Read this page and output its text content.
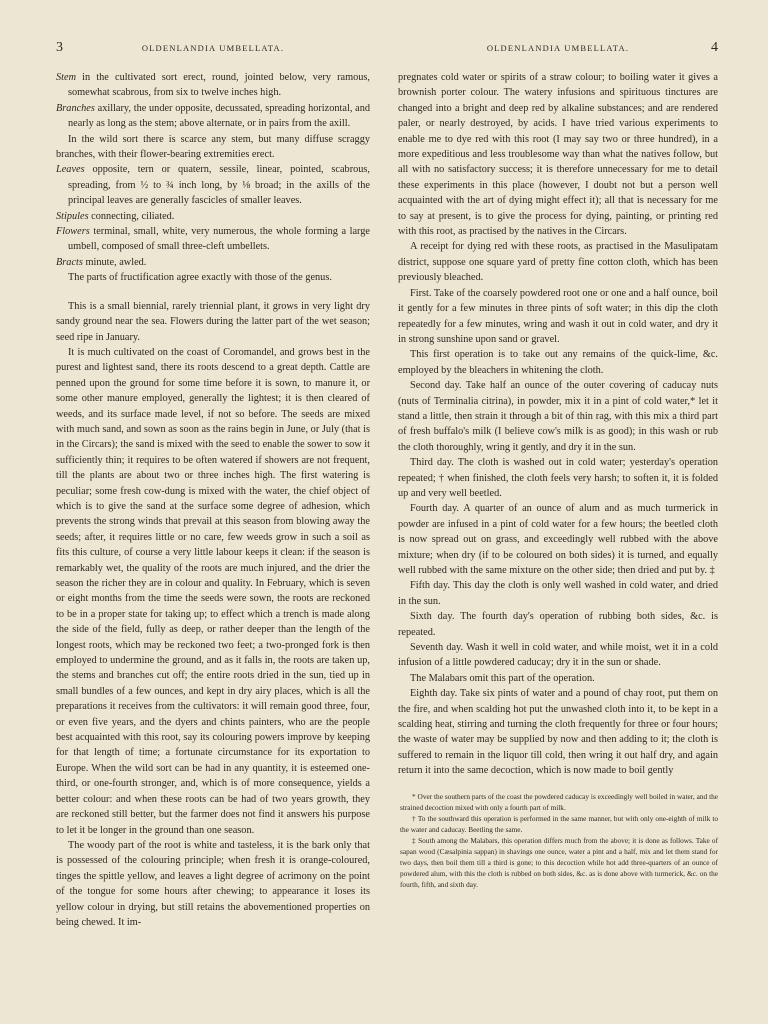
3	OLDENLANDIA UMBELLATA.

Stem in the cultivated sort erect, round, jointed below, very ramous, somewhat scabrous, from six to twelve inches high.

Branches axillary, the under opposite, decussated, spreading horizontal, and nearly as long as the stem; above alternate, or in pairs from the axill.

In the wild sort there is scarce any stem, but many diffuse scraggy branches, with their flower-bearing extremities erect.

Leaves opposite, tern or quatern, sessile, linear, pointed, scabrous, spreading, from ½ to ¾ inch long, by ⅛ broad; in the axills of the principal leaves are generally fascicles of smaller leaves.

Stipules connecting, ciliated.

Flowers terminal, small, white, very numerous, the whole forming a large umbell, composed of small three-cleft umbellets.

Bracts minute, awled.

The parts of fructification agree exactly with those of the genus.

This is a small biennial, rarely triennial plant, it grows in very light dry sandy ground near the sea. Flowers during the latter part of the wet season; seed ripe in January.

It is much cultivated on the coast of Coromandel, and grows best in the purest and lightest sand, there its roots descend to a great depth. Cattle are penned upon the ground for some time before it is sown, to manure it, or some other manure employed, generally the lightest; it is then cleared of weeds, and its surface made level, if not so before. The seeds are mixed with much sand, and sown as soon as the rains begin in June, or July (that is in the Circars); the sand is mixed with the seed to enable the sower to sow it sufficiently thin; it requires to be often watered if showers are not frequent, till the plants are about two or three inches high. The first watering is peculiar; some fresh cow-dung is mixed with the water, the chief object of which is to give the sand at the surface some degree of adhesion, which prevents the strong winds that prevail at this season from blowing away the seeds; after, it requires little or no care, few weeds grow in such a soil as fits this culture, of course a very little labour keeps it clean: if the season is remarkably wet, the quality of the roots are much injured, and the drier the season the richer they are in colour and quality. In February, which is seven or eight months from the time the seeds were sown, the roots are reckoned to be in a proper state for taking up; to effect which a trench is made along the side of the field, fully as deep, or rather deeper than the length of the longest roots, which may be reckoned two feet; a two-pronged fork is then employed to undermine the ground, and as it falls in, the roots are taken up, the stems and branches cut off; the entire roots dried in the sun, tied up in small bundles of a few ounces, and kept in dry airy places, which is all the preparations it receives from the cultivators: it will remain good three, four, or even five years, and the dyers and chints painters, who are the people best acquainted with this root, say its colouring powers improve by keeping for that length of time; a fortunate circumstance for its exportation to Europe. When the wild sort can be had in any quantity, it is esteemed one-third, or one-fourth stronger, and, which is of more consequence, yields a better colour: and when these roots can be had of two years growth, they are reckoned still better, but the farmer does not find it answers his purpose to let it be longer in the ground than one season.

The woody part of the root is white and tasteless, it is the bark only that is possessed of the colouring principle; when fresh it is orange-coloured, tinges the spittle yellow, and leaves a light degree of acrimony on the point of the tongue for some hours after chewing; to appearance it loses its yellow colour in drying, but still retains the abovementioned properties on being chewed. It im-

OLDENLANDIA UMBELLATA.	4

pregnates cold water or spirits of a straw colour; to boiling water it gives a brownish porter colour. The watery infusions and spirituous tinctures are changed into a bright and deep red by alkaline substances; and are rendered paler, or nearly destroyed, by acids. I have tried various experiments to enable me to dye red with this root (I may say two or three hundred), in a more expeditious and less troublesome way than what the natives follow, but all with no satisfactory success; it is therefore unnecessary for me to detail these experiments in this place (however, I doubt not but a person well acquainted with the art of dying might effect it); all that is necessary for me to say at present, is to give the process for dying, painting, or printing red with this root, as practised by the natives in the Circars.

A receipt for dying red with these roots, as practised in the Masulipatam district, suppose one square yard of pretty fine cotton cloth, which has been previously bleached.

First. Take of the coarsely powdered root one or one and a half ounce, boil it gently for a few minutes in three pints of soft water; in this dip the cloth repeatedly for a few minutes, wring and wash it out in cold water, and dry it in strong sunshine upon sand or gravel.

This first operation is to take out any remains of the quick-lime, &c. employed by the bleachers in whitening the cloth.

Second day. Take half an ounce of the outer covering of caducay nuts (nuts of Terminalia citrina), in powder, mix it in a pint of cold water,* let it stand a little, then strain it through a bit of thin rag, with this mix a third part of fresh buffalo's milk (I believe cow's milk is as good); in this wash or rub the cloth thoroughly, wring it gently, and dry it in the sun.

Third day. The cloth is washed out in cold water; yesterday's operation repeated; † when finished, the cloth feels very harsh; to soften it, it is folded up and very well beetled.

Fourth day. A quarter of an ounce of alum and as much turmerick in powder are infused in a pint of cold water for a few hours; the beetled cloth is now spread out on grass, and exceedingly well rubbed with the above mixture; when dry (if to be coloured on both sides) it is turned, and equally well rubbed with the same mixture on the other side; then dried and put by. ‡

Fifth day. This day the cloth is only well washed in cold water, and dried in the sun.

Sixth day. The fourth day's operation of rubbing both sides, &c. is repeated.

Seventh day. Wash it well in cold water, and while moist, wet it in a cold infusion of a little powdered caducay; dry it in the sun or shade.

The Malabars omit this part of the operation.

Eighth day. Take six pints of water and a pound of chay root, put them on the fire, and when scalding hot put the unwashed cloth into it, to be kept in a scalding heat, stirring and turning the cloth frequently for three or four hours; the waste of water may be supplied by now and then adding to it; the cloth is suffered to remain in the liquor till cold, then wring it out half dry, and again return it into the same decoction, which is now made to boil gently

* Over the southern parts of the coast the powdered caducay is exceedingly well boiled in water, and the strained decoction mixed with only a fourth part of milk.

† To the southward this operation is performed in the same manner, but with only one-eighth of milk to the water and caducay. Beetling the same.

‡ South among the Malabars, this operation differs much from the above; it is done as follows. Take of sapan wood (Cæsalpinia sappan) in shavings one ounce, water a pint and a half, mix and let them stand for two days, then boil them till a third is gone; to this decoction while hot add three-quarters of an ounce of powdered alum, with this the cloth is rubbed on both sides, &c. as is done above with turmerick, &c. on the fourth, fifth, and sixth day.
